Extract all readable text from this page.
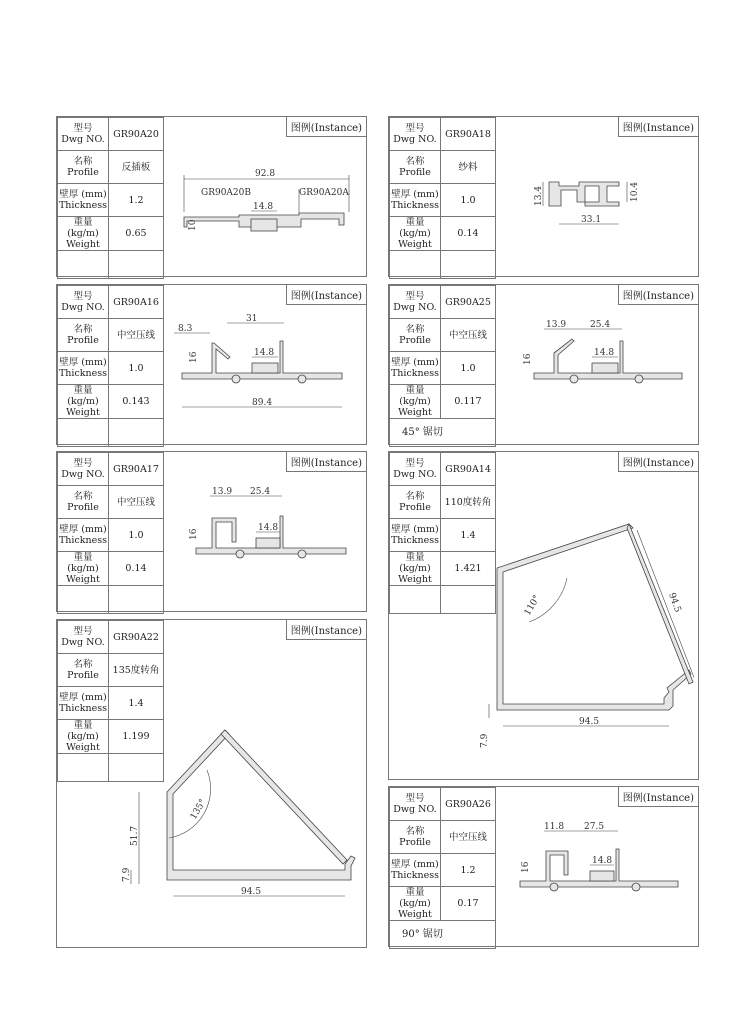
型号
Dwg NO.	GR90A20
名称
Profile	反插板
壁厚 (mm)
Thickness	1.2
重量 (kg/m)
Weight	0.65

图例(Instance)
92.8
GR90A20B	GR90A20A
14.8
10
型号
Dwg NO.	GR90A18
名称
Profile	纱料
壁厚 (mm)
Thickness	1.0
重量 (kg/m)
Weight	0.14

图例(Instance)
13.4	10.4
33.1
型号
Dwg NO.	GR90A16
名称
Profile	中空压线
壁厚 (mm)
Thickness	1.0
重量 (kg/m)
Weight	0.143

图例(Instance)
8.3
31
14.8
16
89.4
型号
Dwg NO.	GR90A25
名称
Profile	中空压线
壁厚 (mm)
Thickness	1.0
重量 (kg/m)
Weight	0.117
45° 锯切	
图例(Instance)
13.9	25.4
14.8
16
型号
Dwg NO.	GR90A17
名称
Profile	中空压线
壁厚 (mm)
Thickness	1.0
重量 (kg/m)
Weight	0.14

图例(Instance)
13.9 25.4
14.8
16
型号
Dwg NO.	GR90A14
名称
Profile	110度转角
壁厚 (mm)
Thickness	1.4
重量 (kg/m)
Weight	1.421

图例(Instance)
110°	94.5
94.5
7.9
型号
Dwg NO.	GR90A22
名称
Profile	135度转角
壁厚 (mm)
Thickness	1.4
重量 (kg/m)
Weight	1.199

图例(Instance)
135°
51.7
7.9
94.5
型号
Dwg NO.	GR90A26
名称
Profile	中空压线
壁厚 (mm)
Thickness	1.2
重量 (kg/m)
Weight	0.17
90° 锯切	
图例(Instance)
11.8 27.5
14.8
16
